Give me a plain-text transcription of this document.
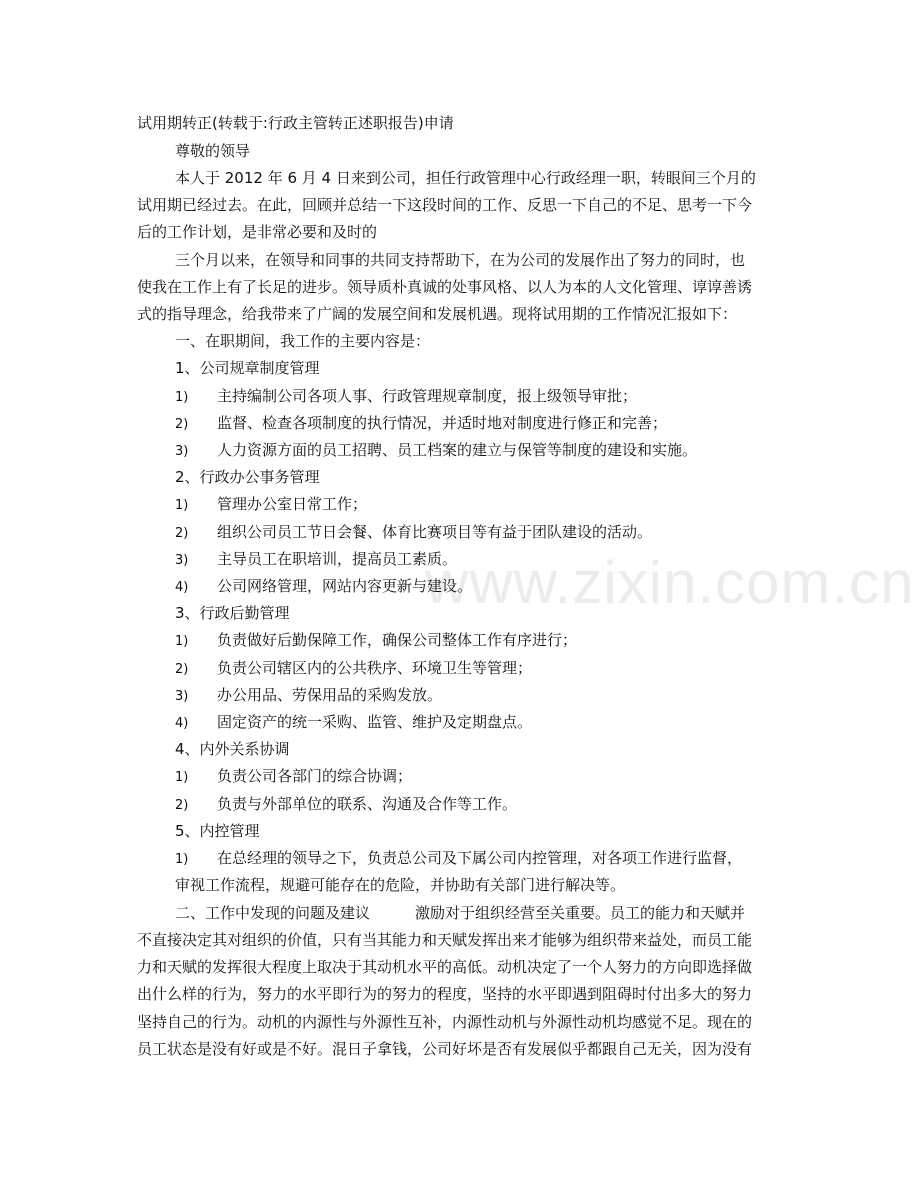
www.zixin.com.cn
试用期转正(转载于:行政主管转正述职报告)申请
尊敬的领导
本人于 2012 年 6 月 4 日来到公司，担任行政管理中心行政经理一职，转眼间三个月的
试用期已经过去。在此，回顾并总结一下这段时间的工作、反思一下自己的不足、思考一下今
后的工作计划，是非常必要和及时的
三个月以来，在领导和同事的共同支持帮助下，在为公司的发展作出了努力的同时，也
使我在工作上有了长足的进步。领导质朴真诚的处事风格、以人为本的人文化管理、谆谆善诱
式的指导理念，给我带来了广阔的发展空间和发展机遇。现将试用期的工作情况汇报如下：
一、在职期间，我工作的主要内容是：
1、公司规章制度管理
1) 主持编制公司各项人事、行政管理规章制度，报上级领导审批；
2) 监督、检查各项制度的执行情况，并适时地对制度进行修正和完善；
3) 人力资源方面的员工招聘、员工档案的建立与保管等制度的建设和实施。
2、行政办公事务管理
1) 管理办公室日常工作；
2) 组织公司员工节日会餐、体育比赛项目等有益于团队建设的活动。
3) 主导员工在职培训，提高员工素质。
4) 公司网络管理，网站内容更新与建设。
3、行政后勤管理
1) 负责做好后勤保障工作，确保公司整体工作有序进行；
2) 负责公司辖区内的公共秩序、环境卫生等管理；
3) 办公用品、劳保用品的采购发放。
4) 固定资产的统一采购、监管、维护及定期盘点。
4、内外关系协调
1) 负责公司各部门的综合协调；
2) 负责与外部单位的联系、沟通及合作等工作。
5、内控管理
1) 在总经理的领导之下，负责总公司及下属公司内控管理，对各项工作进行监督，
审视工作流程，规避可能存在的危险，并协助有关部门进行解决等。
二、工作中发现的问题及建议　　　激励对于组织经营至关重要。员工的能力和天赋并
不直接决定其对组织的价值，只有当其能力和天赋发挥出来才能够为组织带来益处，而员工能
力和天赋的发挥很大程度上取决于其动机水平的高低。动机决定了一个人努力的方向即选择做
出什么样的行为，努力的水平即行为的努力的程度，坚持的水平即遇到阻碍时付出多大的努力
坚持自己的行为。动机的内源性与外源性互补，内源性动机与外源性动机均感觉不足。现在的
员工状态是没有好或是不好。混日子拿钱，公司好坏是否有发展似乎都跟自己无关，因为没有
